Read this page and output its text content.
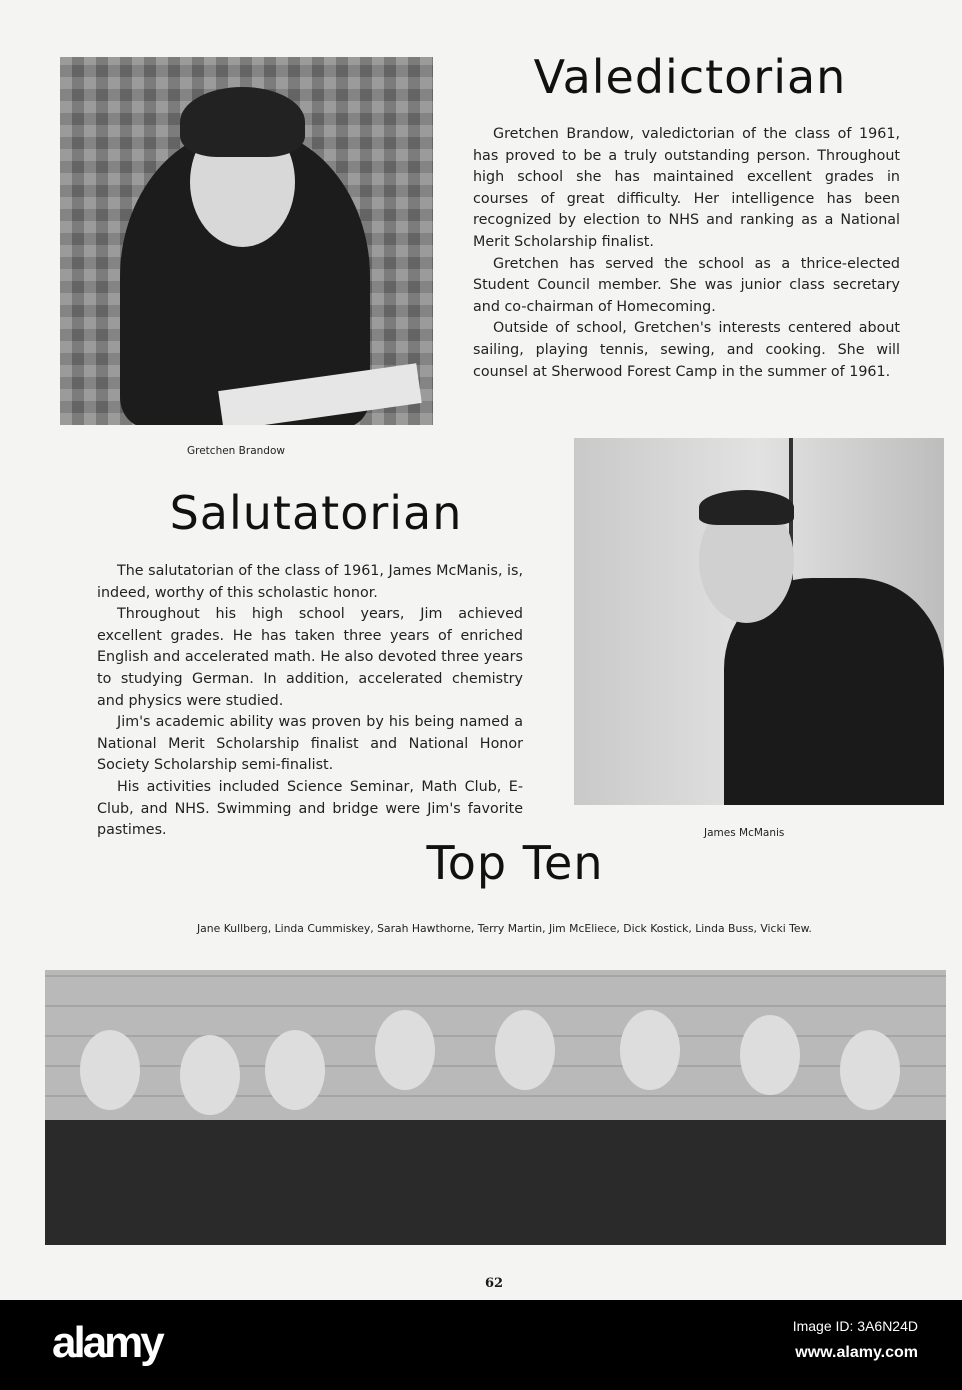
Valedictorian

Gretchen Brandow, valedictorian of the class of 1961, has proved to be a truly outstanding person. Throughout high school she has maintained excellent grades in courses of great difficulty. Her intelligence has been recognized by election to NHS and ranking as a National Merit Scholarship finalist.

Gretchen has served the school as a thrice-elected Student Council member. She was junior class secretary and co-chairman of Homecoming.

Outside of school, Gretchen's interests centered about sailing, playing tennis, sewing, and cooking. She will counsel at Sherwood Forest Camp in the summer of 1961.

Gretchen Brandow
Salutatorian

The salutatorian of the class of 1961, James McManis, is, indeed, worthy of this scholastic honor.

Throughout his high school years, Jim achieved excellent grades. He has taken three years of enriched English and accelerated math. He also devoted three years to studying German. In addition, accelerated chemistry and physics were studied.

Jim's academic ability was proven by his being named a National Merit Scholarship finalist and National Honor Society Scholarship semi-finalist.

His activities included Science Seminar, Math Club, E-Club, and NHS. Swimming and bridge were Jim's favorite pastimes.	James McManis
Top Ten
Jane Kullberg, Linda Cummiskey, Sarah Hawthorne, Terry Martin, Jim McEliece, Dick Kostick, Linda Buss, Vicki Tew.
62
alamy	Image ID: 3A6N24D
www.alamy.com
